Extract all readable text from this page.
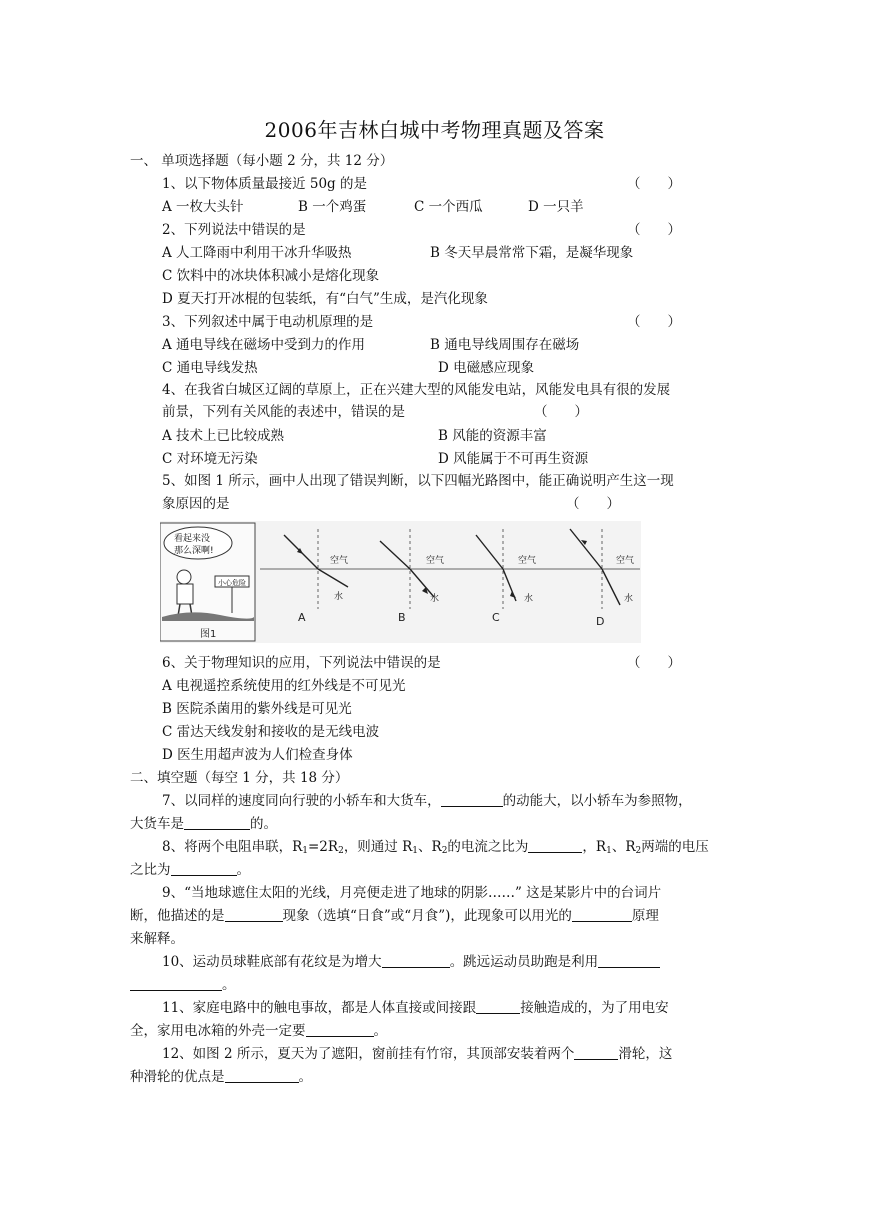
2006年吉林白城中考物理真题及答案
一、 单项选择题（每小题 2 分，共 12 分）
1、以下物体质量最接近 50g 的是	（　　）
A 一枚大头针	B 一个鸡蛋	C 一个西瓜	D 一只羊
2、下列说法中错误的是	（　　）
A 人工降雨中利用干冰升华吸热	B 冬天早晨常常下霜，是凝华现象
C 饮料中的冰块体积减小是熔化现象
D 夏天打开冰棍的包装纸，有“白气”生成，是汽化现象
3、下列叙述中属于电动机原理的是	（　　）
A 通电导线在磁场中受到力的作用	B 通电导线周围存在磁场
C 通电导线发热	D 电磁感应现象
4、在我省白城区辽阔的草原上，正在兴建大型的风能发电站，风能发电具有很的发展
前景，下列有关风能的表述中，错误的是	（　　）
A 技术上已比较成熟	B 风能的资源丰富
C 对环境无污染	D 风能属于不可再生资源
5、如图 1 所示，画中人出现了错误判断，以下四幅光路图中，能正确说明产生这一现
象原因的是	（　　）
看起来没
那么深啊!
小心危险
图1
空气
水
A
空气
水
B
空气
水
C
空气
水
D
6、关于物理知识的应用，下列说法中错误的是	（　　）
A 电视遥控系统使用的红外线是不可见光
B 医院杀菌用的紫外线是可见光
C 雷达天线发射和接收的是无线电波
D 医生用超声波为人们检查身体
二、填空题（每空 1 分，共 18 分）
7、以同样的速度同向行驶的小轿车和大货车，	的动能大，以小轿车为参照物，
大货车是	的。
8、将两个电阻串联，$R_1=2R_2$，则通过 $R_1$、$R_2$的电流之比为	，$R_1$、$R_2$两端的电压
之比为	。
9、“当地球遮住太阳的光线，月亮便走进了地球的阴影……” 这是某影片中的台词片
断，他描述的是	现象（选填“日食”或“月食”)，此现象可以用光的	原理
来解释。
10、运动员球鞋底部有花纹是为增大	。跳远运动员助跑是利用
。
11、家庭电路中的触电事故，都是人体直接或间接跟	接触造成的，为了用电安
全，家用电冰箱的外壳一定要	。
12、如图 2 所示，夏天为了遮阳，窗前挂有竹帘，其顶部安装着两个	滑轮，这
种滑轮的优点是	。
